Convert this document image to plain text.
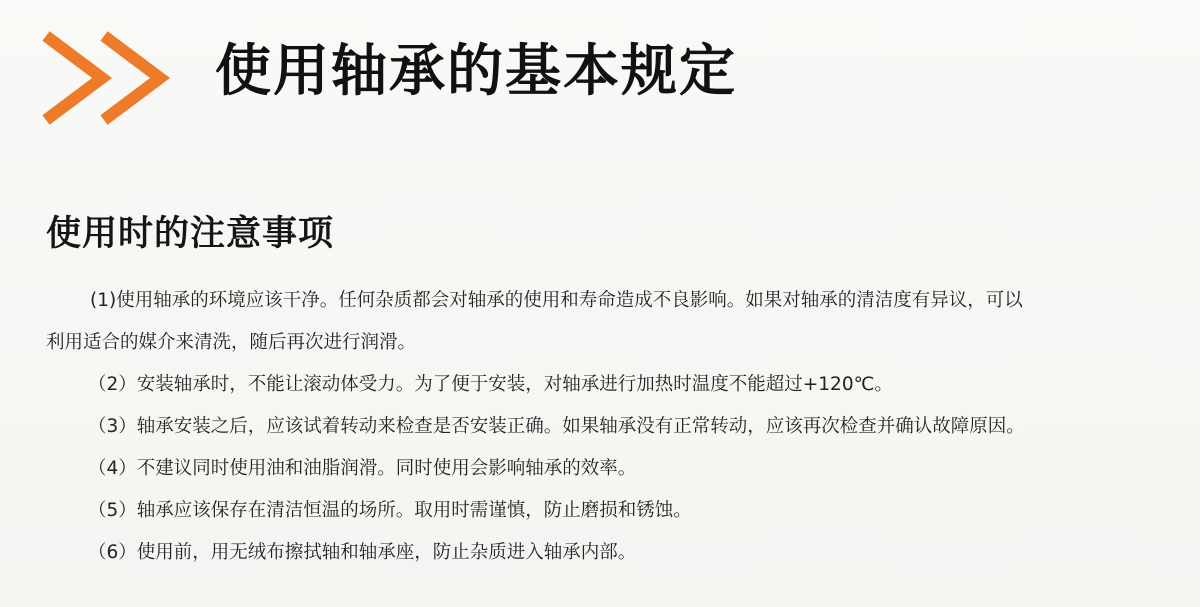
使用轴承的基本规定
使用时的注意事项

(1)使用轴承的环境应该干净。任何杂质都会对轴承的使用和寿命造成不良影响。如果对轴承的清洁度有异议，可以

利用适合的媒介来清洗，随后再次进行润滑。

（2）安装轴承时，不能让滚动体受力。为了便于安装，对轴承进行加热时温度不能超过+120℃。

（3）轴承安装之后，应该试着转动来检查是否安装正确。如果轴承没有正常转动，应该再次检查并确认故障原因。

（4）不建议同时使用油和油脂润滑。同时使用会影响轴承的效率。

（5）轴承应该保存在清洁恒温的场所。取用时需谨慎，防止磨损和锈蚀。

（6）使用前，用无绒布擦拭轴和轴承座，防止杂质进入轴承内部。
